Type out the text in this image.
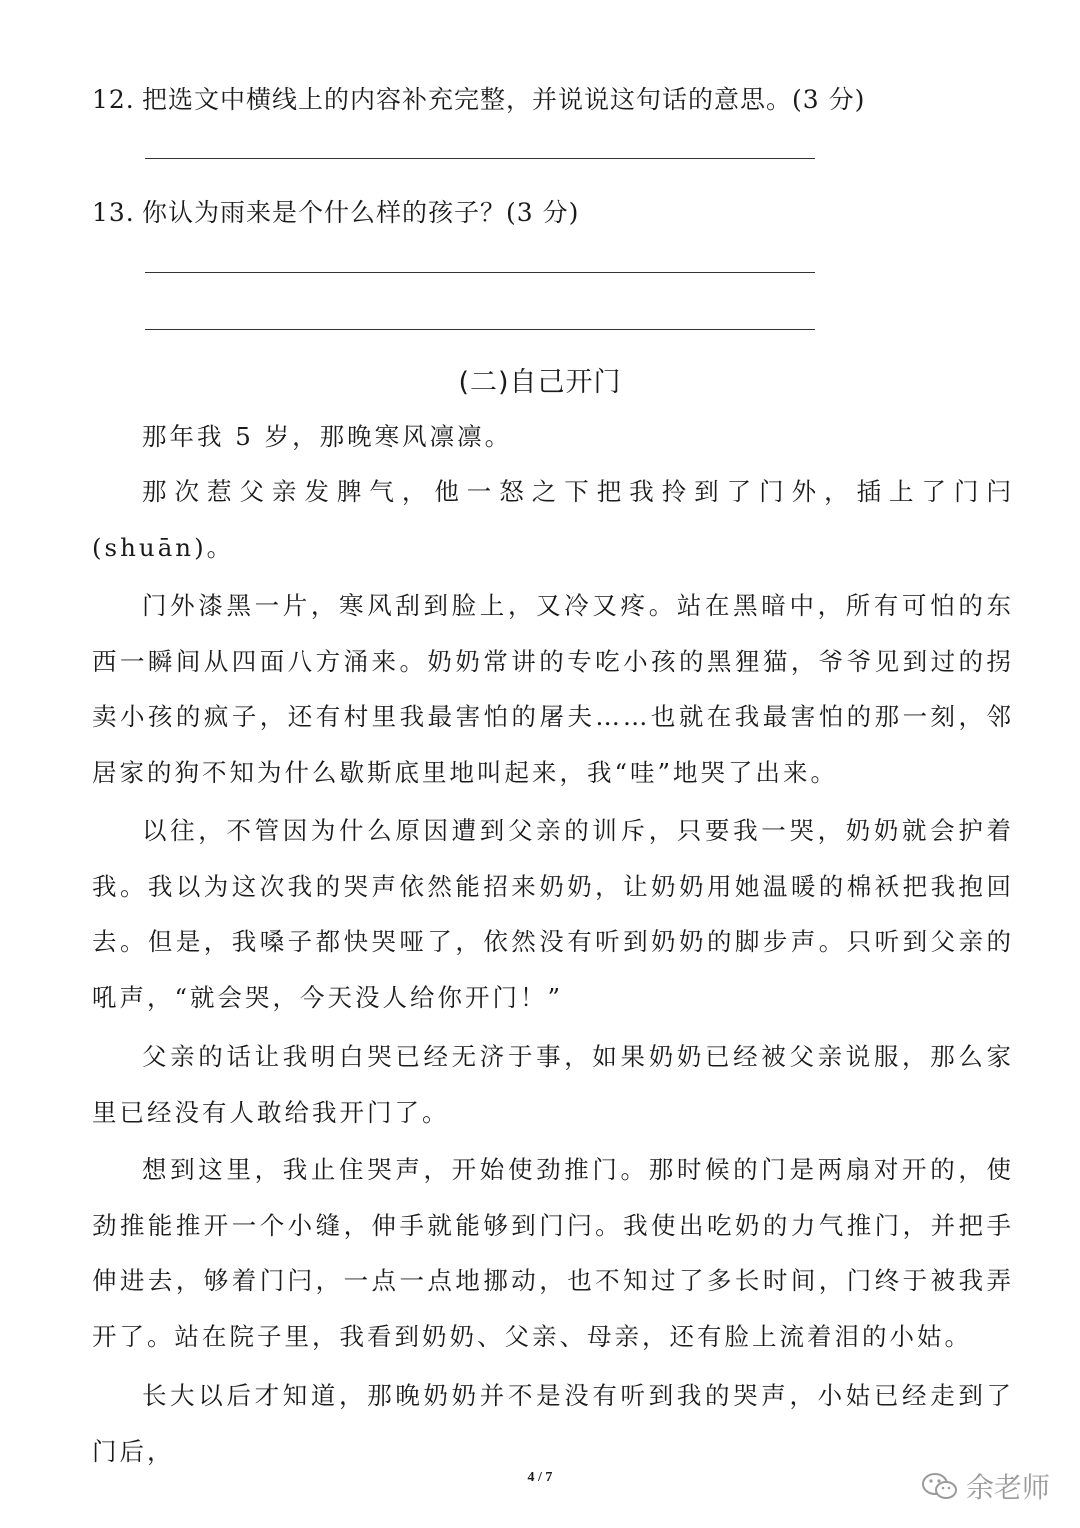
12. 把选文中横线上的内容补充完整，并说说这句话的意思。(3 分)
13. 你认为雨来是个什么样的孩子？(3 分)
(二)自己开门

那年我 5 岁，那晚寒风凛凛。

那次惹父亲发脾气，他一怒之下把我拎到了门外，插上了门闩(shuān)。

门外漆黑一片，寒风刮到脸上，又冷又疼。站在黑暗中，所有可怕的东西一瞬间从四面八方涌来。奶奶常讲的专吃小孩的黑狸猫，爷爷见到过的拐卖小孩的疯子，还有村里我最害怕的屠夫……也就在我最害怕的那一刻，邻居家的狗不知为什么歇斯底里地叫起来，我“哇”地哭了出来。

以往，不管因为什么原因遭到父亲的训斥，只要我一哭，奶奶就会护着我。我以为这次我的哭声依然能招来奶奶，让奶奶用她温暖的棉袄把我抱回去。但是，我嗓子都快哭哑了，依然没有听到奶奶的脚步声。只听到父亲的吼声，“就会哭，今天没人给你开门！”

父亲的话让我明白哭已经无济于事，如果奶奶已经被父亲说服，那么家里已经没有人敢给我开门了。

想到这里，我止住哭声，开始使劲推门。那时候的门是两扇对开的，使劲推能推开一个小缝，伸手就能够到门闩。我使出吃奶的力气推门，并把手伸进去，够着门闩，一点一点地挪动，也不知过了多长时间，门终于被我弄开了。站在院子里，我看到奶奶、父亲、母亲，还有脸上流着泪的小姑。

长大以后才知道，那晚奶奶并不是没有听到我的哭声，小姑已经走到了门后，

4 / 7	余老师
